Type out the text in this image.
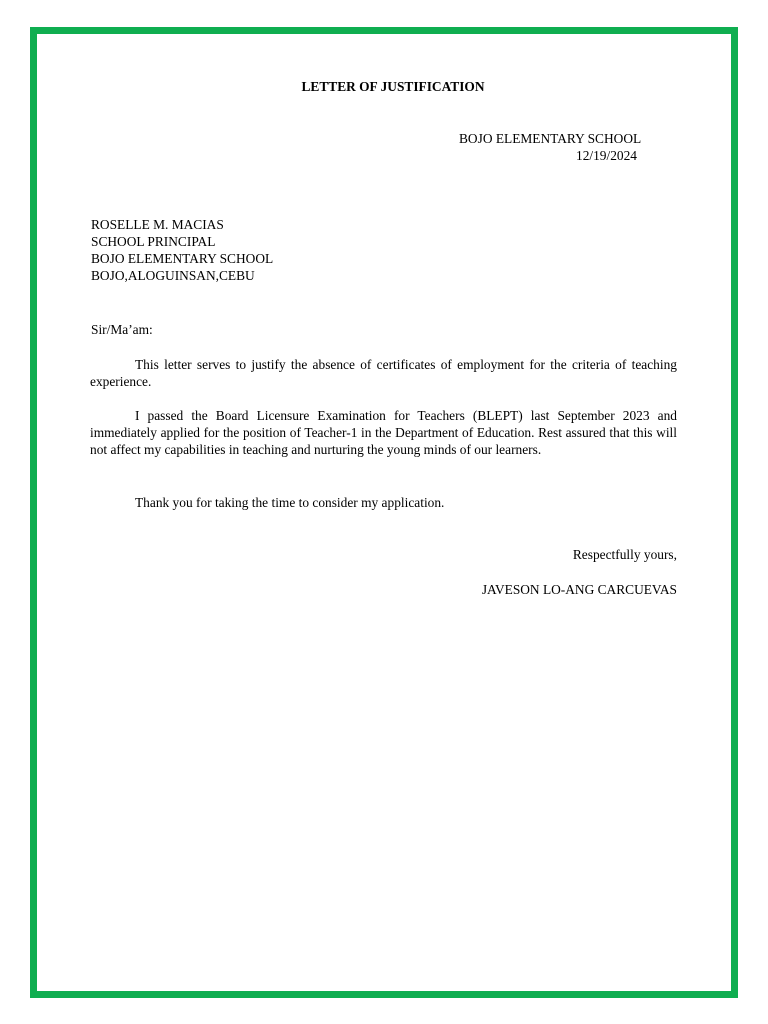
LETTER OF JUSTIFICATION
BOJO ELEMENTARY SCHOOL
12/19/2024
ROSELLE M. MACIAS
SCHOOL PRINCIPAL
BOJO ELEMENTARY SCHOOL
BOJO,ALOGUINSAN,CEBU
Sir/Ma’am:
This letter serves to justify the absence of certificates of employment for the criteria of teaching experience.
I passed the Board Licensure Examination for Teachers (BLEPT) last September 2023 and immediately applied for the position of Teacher-1 in the Department of Education. Rest assured that this will not affect my capabilities in teaching and nurturing the young minds of our learners.
Thank you for taking the time to consider my application.
Respectfully yours,
JAVESON LO-ANG CARCUEVAS
